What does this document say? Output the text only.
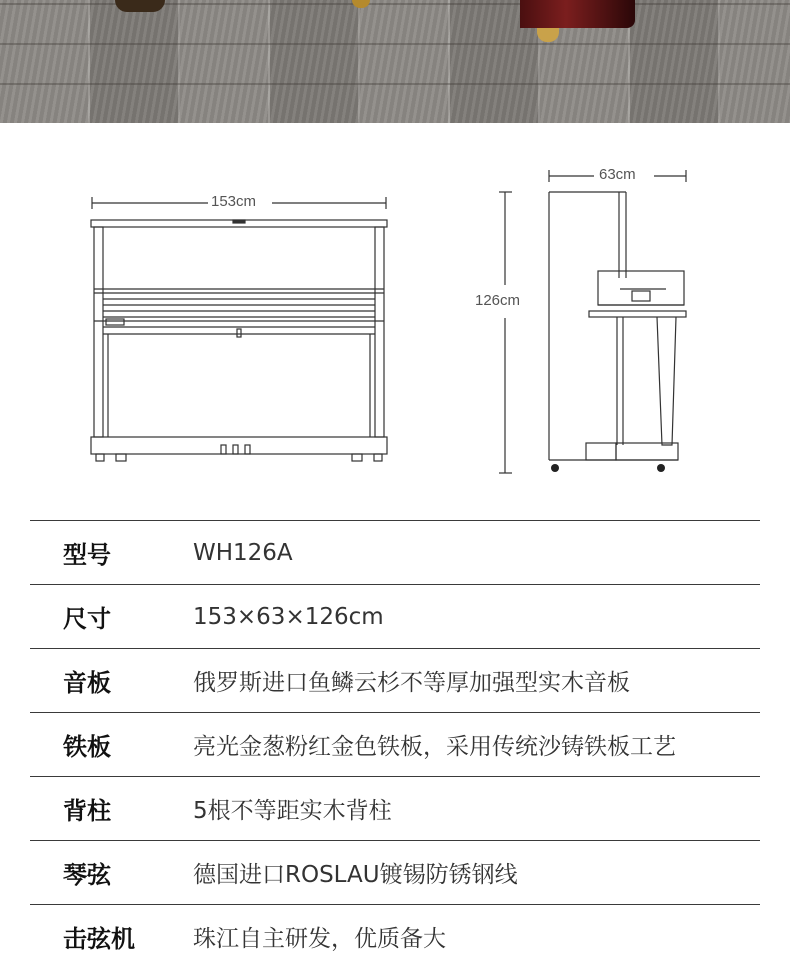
153cm
63cm
126cm
型号	WH126A
尺寸	153×63×126cm
音板	俄罗斯进口鱼鳞云杉不等厚加强型实木音板
铁板	亮光金葱粉红金色铁板，采用传统沙铸铁板工艺
背柱	5根不等距实木背柱
琴弦	德国进口ROSLAU镀锡防锈钢线
击弦机	珠江自主研发，优质备大
